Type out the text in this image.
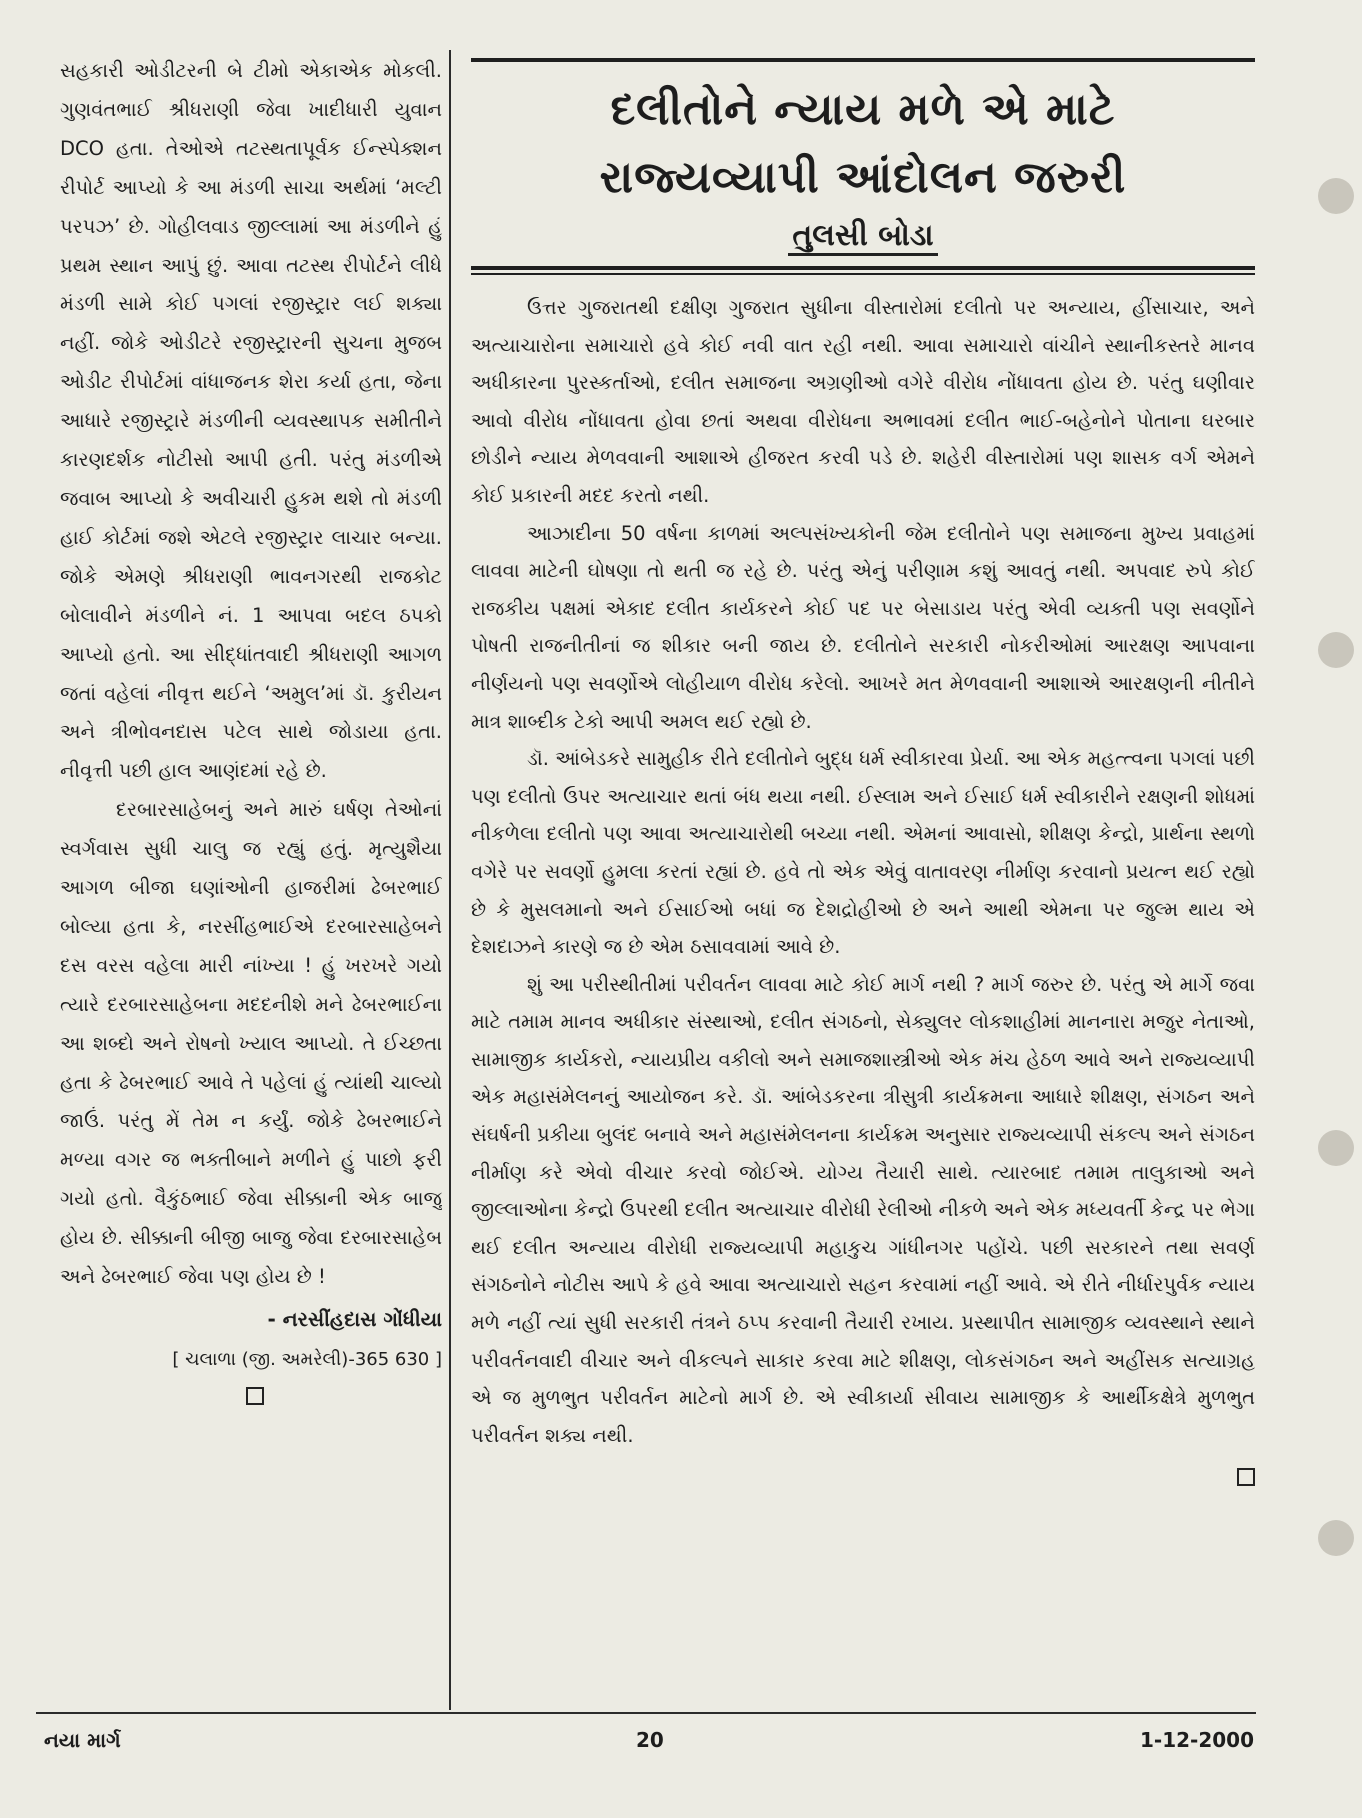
સહકારી ઓડીટરની બે ટીમો એકાએક મોકલી. ગુણવંતભાઈ શ્રીધરાણી જેવા ખાદીધારી યુવાન DCO હતા. તેઓએ તટસ્થતાપૂર્વક ઈન્સ્પેક્શન રીપોર્ટ આપ્યો કે આ મંડળી સાચા અર્થમાં ‘મલ્ટી પરપઝ’ છે. ગોહીલવાડ જીલ્લામાં આ મંડળીને હું પ્રથમ સ્થાન આપું છું. આવા તટસ્થ રીપોર્ટને લીધે મંડળી સામે કોઈ પગલાં રજીસ્ટ્રાર લઈ શક્યા નહીં. જોકે ઓડીટરે રજીસ્ટ્રારની સુચના મુજબ ઓડીટ રીપોર્ટમાં વાંધાજનક શેરા કર્યા હતા, જેના આધારે રજીસ્ટ્રારે મંડળીની વ્યવસ્થાપક સમીતીને કારણદર્શક નોટીસો આપી હતી. પરંતુ મંડળીએ જવાબ આપ્યો કે અવીચારી હુકમ થશે તો મંડળી હાઈ કોર્ટમાં જશે એટલે રજીસ્ટ્રાર લાચાર બન્યા. જોકે એમણે શ્રીધરાણી ભાવનગરથી રાજકોટ બોલાવીને મંડળીને નં. 1 આપવા બદલ ઠપકો આપ્યો હતો. આ સીદ્ધાંતવાદી શ્રીધરાણી આગળ જતાં વહેલાં નીવૃત્ત થઈને ‘અમુલ’માં ડૉ. કુરીયન અને ત્રીભોવનદાસ પટેલ સાથે જોડાયા હતા. નીવૃત્તી પછી હાલ આણંદમાં રહે છે.

દરબારસાહેબનું અને મારું ઘર્ષણ તેઓનાં સ્વર્ગવાસ સુધી ચાલુ જ રહ્યું હતું. મૃત્યુશૈયા આગળ બીજા ઘણાંઓની હાજરીમાં ઢેબરભાઈ બોલ્યા હતા કે, નરસીંહભાઈએ દરબારસાહેબને દસ વરસ વહેલા મારી નાંખ્યા ! હું ખરખરે ગયો ત્યારે દરબારસાહેબના મદદનીશે મને ઢેબરભાઈના આ શબ્દો અને રોષનો ખ્યાલ આપ્યો. તે ઈચ્છતા હતા કે ઢેબરભાઈ આવે તે પહેલાં હું ત્યાંથી ચાલ્યો જાઉં. પરંતુ મેં તેમ ન કર્યું. જોકે ઢેબરભાઈને મળ્યા વગર જ ભક્તીબાને મળીને હું પાછો ફરી ગયો હતો. વૈકુંઠભાઈ જેવા સીક્કાની એક બાજુ હોય છે. સીક્કાની બીજી બાજુ જેવા દરબારસાહેબ અને ઢેબરભાઈ જેવા પણ હોય છે !

- નરસીંહદાસ ગોંધીયા
[ ચલાળા (જી. અમરેલી)-365 630 ]
દલીતોને ન્યાય મળે એ માટે
રાજ્યવ્યાપી આંદોલન જરુરી
તુલસી બોડા

ઉત્તર ગુજરાતથી દક્ષીણ ગુજરાત સુધીના વીસ્તારોમાં દલીતો પર અન્યાય, હીંસાચાર, અને અત્યાચારોના સમાચારો હવે કોઈ નવી વાત રહી નથી. આવા સમાચારો વાંચીને સ્થાનીકસ્તરે માનવ અધીકારના પુરસ્કર્તાઓ, દલીત સમાજના અગ્રણીઓ વગેરે વીરોધ નોંધાવતા હોય છે. પરંતુ ઘણીવાર આવો વીરોધ નોંધાવતા હોવા છતાં અથવા વીરોધના અભાવમાં દલીત ભાઈ-બહેનોને પોતાના ઘરબાર છોડીને ન્યાય મેળવવાની આશાએ હીજરત કરવી પડે છે. શહેરી વીસ્તારોમાં પણ શાસક વર્ગ એમને કોઈ પ્રકારની મદદ કરતો નથી.

આઝાદીના 50 વર્ષના કાળમાં અલ્પસંખ્યકોની જેમ દલીતોને પણ સમાજના મુખ્ય પ્રવાહમાં લાવવા માટેની ઘોષણા તો થતી જ રહે છે. પરંતુ એનું પરીણામ કશું આવતું નથી. અપવાદ રુપે કોઈ રાજકીય પક્ષમાં એકાદ દલીત કાર્યકરને કોઈ પદ પર બેસાડાય પરંતુ એવી વ્યક્તી પણ સવર્ણોને પોષતી રાજનીતીનાં જ શીકાર બની જાય છે. દલીતોને સરકારી નોકરીઓમાં આરક્ષણ આપવાના નીર્ણયનો પણ સવર્ણોએ લોહીયાળ વીરોધ કરેલો. આખરે મત મેળવવાની આશાએ આરક્ષણની નીતીને માત્ર શાબ્દીક ટેકો આપી અમલ થઈ રહ્યો છે.

ડૉ. આંબેડકરે સામુહીક રીતે દલીતોને બુદ્ધ ધર્મ સ્વીકારવા પ્રેર્યા. આ એક મહત્ત્વના પગલાં પછી પણ દલીતો ઉપર અત્યાચાર થતાં બંધ થયા નથી. ઈસ્લામ અને ઈસાઈ ધર્મ સ્વીકારીને રક્ષણની શોધમાં નીકળેલા દલીતો પણ આવા અત્યાચારોથી બચ્યા નથી. એમનાં આવાસો, શીક્ષણ કેન્દ્રો, પ્રાર્થના સ્થળો વગેરે પર સવર્ણો હુમલા કરતાં રહ્યાં છે. હવે તો એક એવું વાતાવરણ નીર્માણ કરવાનો પ્રયત્ન થઈ રહ્યો છે કે મુસલમાનો અને ઈસાઈઓ બધાં જ દેશદ્રોહીઓ છે અને આથી એમના પર જુલ્મ થાય એ દેશદાઝને કારણે જ છે એમ ઠસાવવામાં આવે છે.

શું આ પરીસ્થીતીમાં પરીવર્તન લાવવા માટે કોઈ માર્ગ નથી ? માર્ગ જરુર છે. પરંતુ એ માર્ગે જવા માટે તમામ માનવ અધીકાર સંસ્થાઓ, દલીત સંગઠનો, સેક્યુલર લોકશાહીમાં માનનારા મજુર નેતાઓ, સામાજીક કાર્યકરો, ન્યાયપ્રીય વકીલો અને સમાજશાસ્ત્રીઓ એક મંચ હેઠળ આવે અને રાજ્યવ્યાપી એક મહાસંમેલનનું આયોજન કરે. ડૉ. આંબેડકરના ત્રીસુત્રી કાર્યક્રમના આધારે શીક્ષણ, સંગઠન અને સંઘર્ષની પ્રકીયા બુલંદ બનાવે અને મહાસંમેલનના કાર્યક્રમ અનુસાર રાજ્યવ્યાપી સંકલ્પ અને સંગઠન નીર્માણ કરે એવો વીચાર કરવો જોઈએ. યોગ્ય તૈયારી સાથે. ત્યારબાદ તમામ તાલુકાઓ અને જીલ્લાઓના કેન્દ્રો ઉપરથી દલીત અત્યાચાર વીરોધી રેલીઓ નીકળે અને એક મધ્યવર્તી કેન્દ્ર પર ભેગા થઈ દલીત અન્યાય વીરોધી રાજ્યવ્યાપી મહાકુચ ગાંધીનગર પહોંચે. પછી સરકારને તથા સવર્ણ સંગઠનોને નોટીસ આપે કે હવે આવા અત્યાચારો સહન કરવામાં નહીં આવે. એ રીતે નીર્ધારપુર્વક ન્યાય મળે નહીં ત્યાં સુધી સરકારી તંત્રને ઠપ્પ કરવાની તૈયારી રખાય. પ્રસ્થાપીત સામાજીક વ્યવસ્થાને સ્થાને પરીવર્તનવાદી વીચાર અને વીકલ્પને સાકાર કરવા માટે શીક્ષણ, લોકસંગઠન અને અહીંસક સત્યાગ્રહ એ જ મુળભુત પરીવર્તન માટેનો માર્ગ છે. એ સ્વીકાર્યા સીવાય સામાજીક કે આર્થીકક્ષેત્રે મુળભુત પરીવર્તન શક્ય નથી.

નયા માર્ગ	20	1-12-2000
